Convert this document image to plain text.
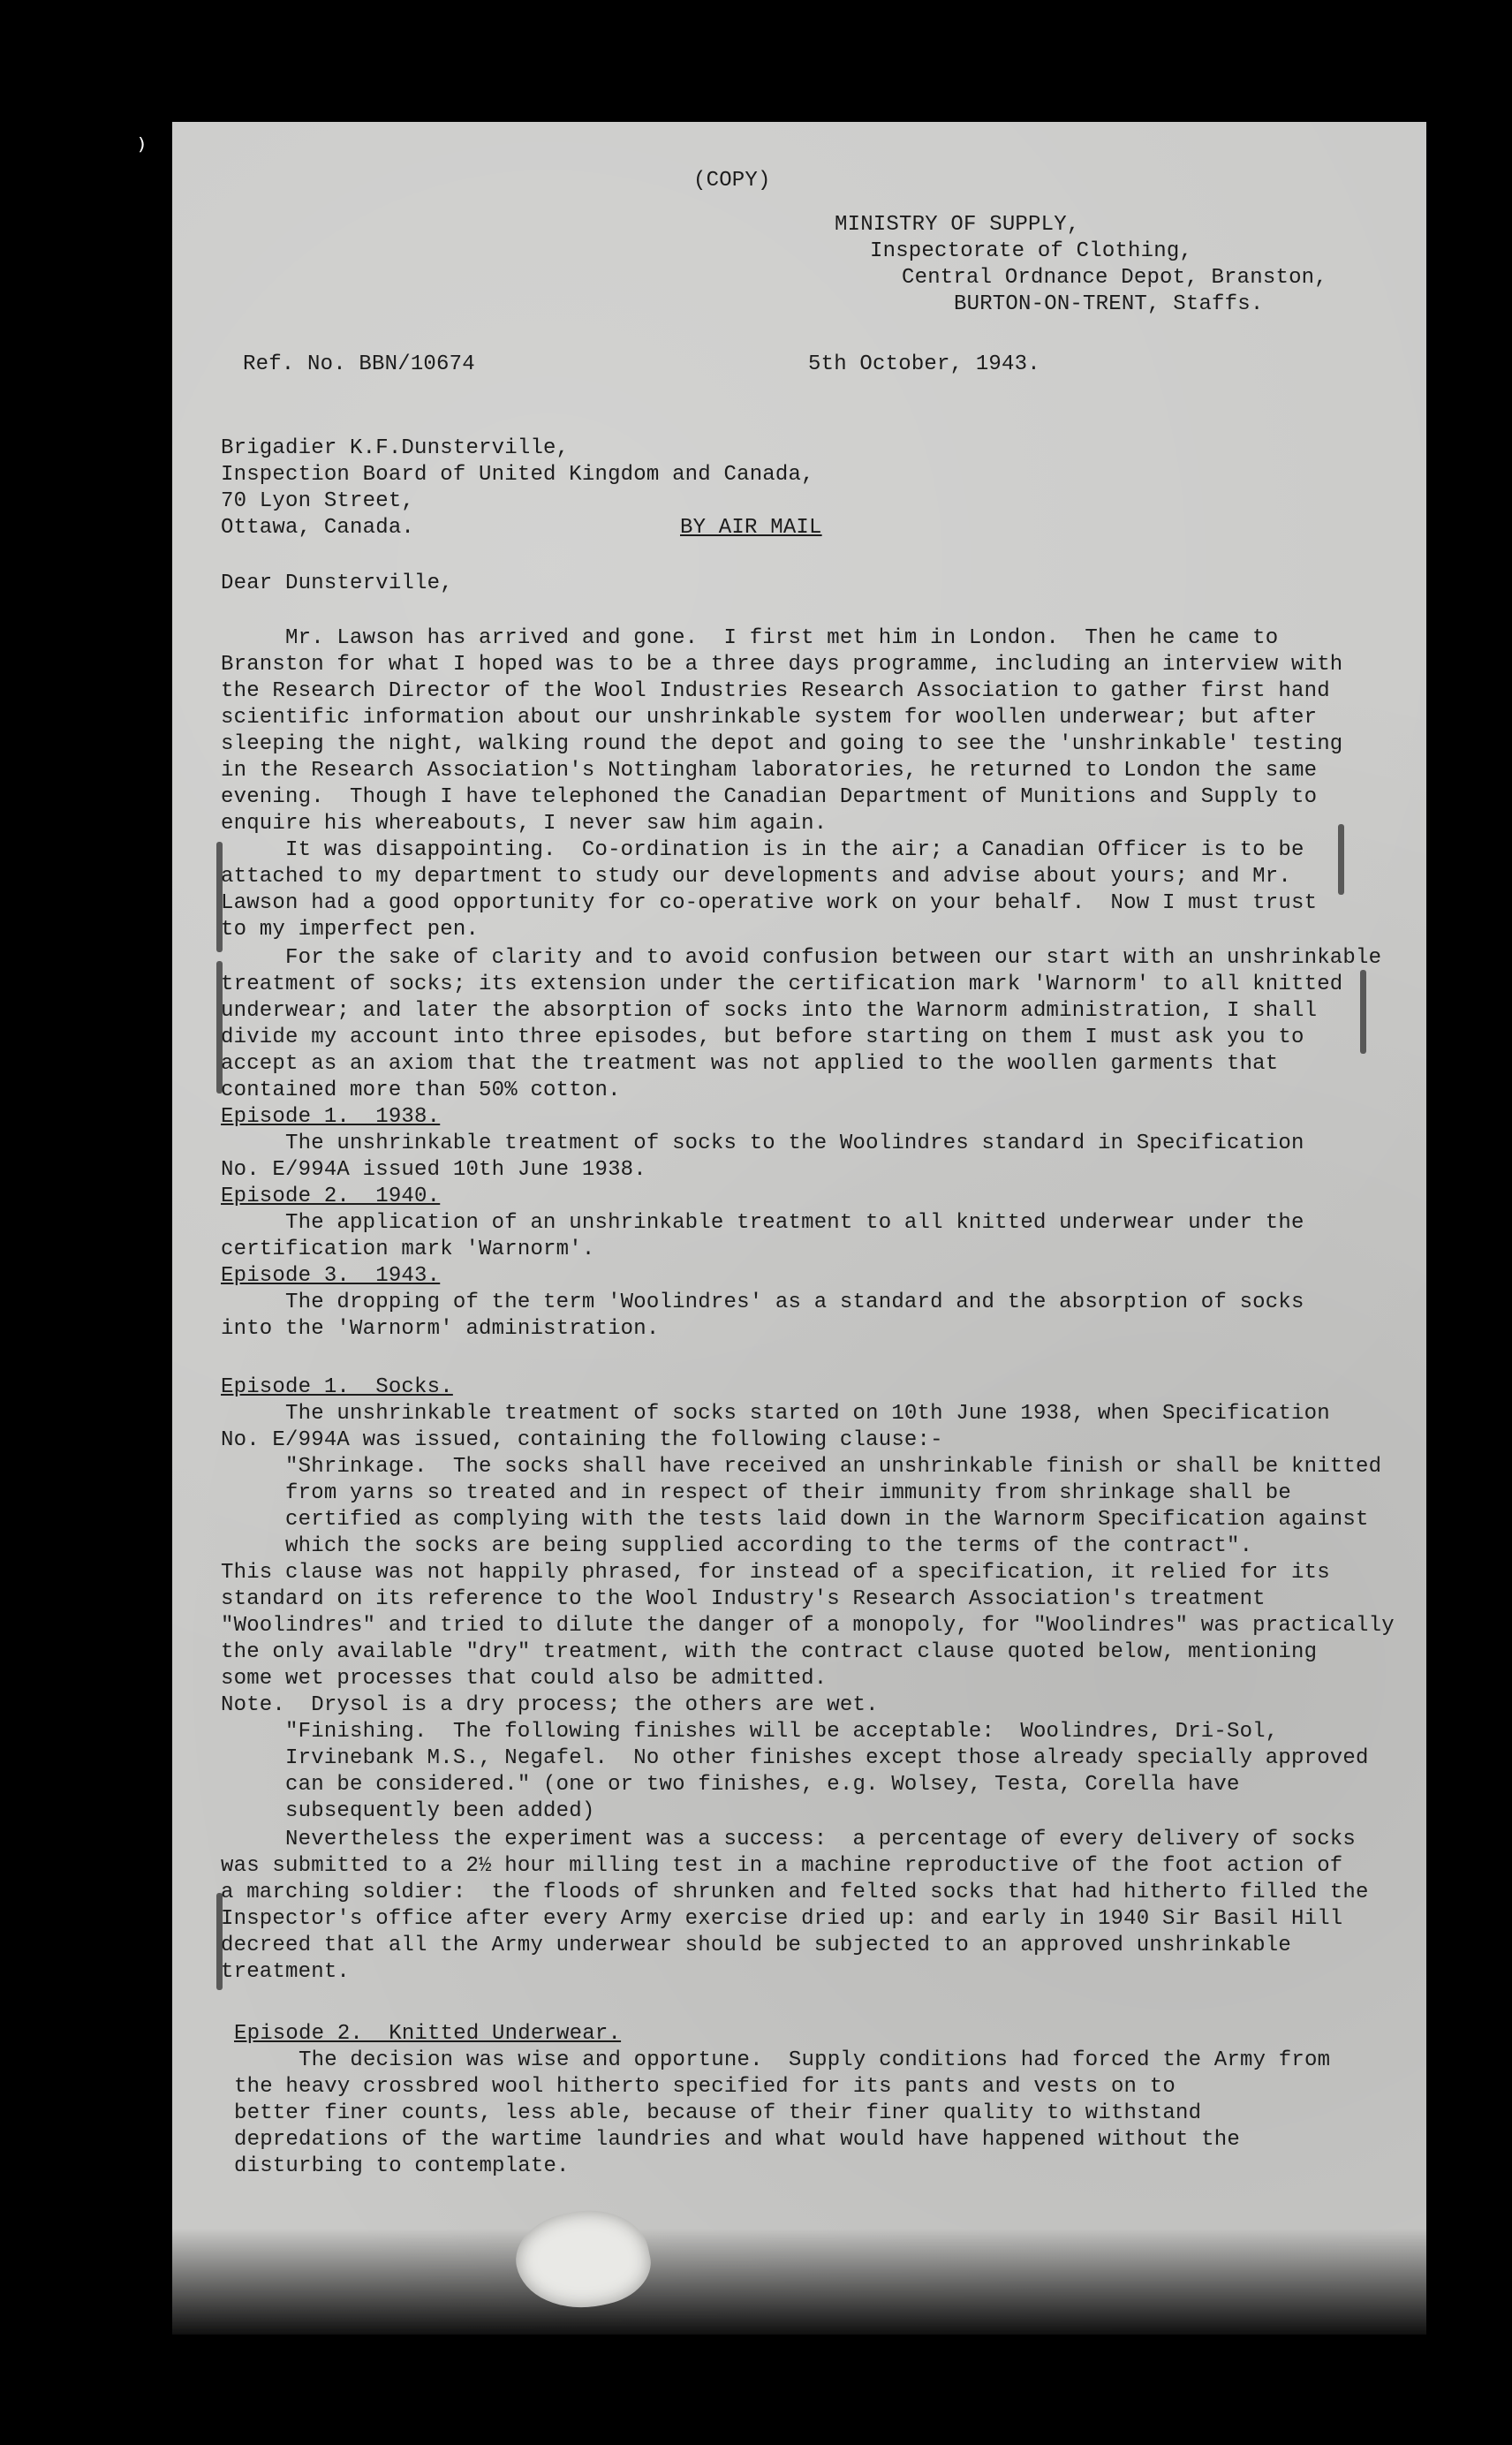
(COPY)
MINISTRY OF SUPPLY,
Inspectorate of Clothing,
Central Ordnance Depot, Branston,
BURTON-ON-TRENT, Staffs.
Ref. No. BBN/10674	5th October, 1943.
Brigadier K.F.Dunsterville,
Inspection Board of United Kingdom and Canada,
70 Lyon Street,
Ottawa, Canada.	BY AIR MAIL
Dear Dunsterville,
⁾
Mr. Lawson has arrived and gone.  I first met him in London.  Then he came to
Branston for what I hoped was to be a three days programme, including an interview with
the Research Director of the Wool Industries Research Association to gather first hand
scientific information about our unshrinkable system for woollen underwear; but after
sleeping the night, walking round the depot and going to see the 'unshrinkable' testing
in the Research Association's Nottingham laboratories, he returned to London the same
evening.  Though I have telephoned the Canadian Department of Munitions and Supply to
enquire his whereabouts, I never saw him again.
It was disappointing.  Co-ordination is in the air; a Canadian Officer is to be
attached to my department to study our developments and advise about yours; and Mr.
Lawson had a good opportunity for co-operative work on your behalf.  Now I must trust
to my imperfect pen.
For the sake of clarity and to avoid confusion between our start with an unshrinkable
treatment of socks; its extension under the certification mark 'Warnorm' to all knitted
underwear; and later the absorption of socks into the Warnorm administration, I shall
divide my account into three episodes, but before starting on them I must ask you to
accept as an axiom that the treatment was not applied to the woollen garments that
contained more than 50% cotton.
Episode 1.  1938.
The unshrinkable treatment of socks to the Woolindres standard in Specification
No. E/994A issued 10th June 1938.
Episode 2.  1940.
The application of an unshrinkable treatment to all knitted underwear under the
certification mark 'Warnorm'.
Episode 3.  1943.
The dropping of the term 'Woolindres' as a standard and the absorption of socks
into the 'Warnorm' administration.
Episode 1.  Socks.
The unshrinkable treatment of socks started on 10th June 1938, when Specification
No. E/994A was issued, containing the following clause:-
"Shrinkage.  The socks shall have received an unshrinkable finish or shall be knitted
from yarns so treated and in respect of their immunity from shrinkage shall be
certified as complying with the tests laid down in the Warnorm Specification against
which the socks are being supplied according to the terms of the contract".
This clause was not happily phrased, for instead of a specification, it relied for its
standard on its reference to the Wool Industry's Research Association's treatment
"Woolindres" and tried to dilute the danger of a monopoly, for "Woolindres" was practically
the only available "dry" treatment, with the contract clause quoted below, mentioning
some wet processes that could also be admitted.
Note.  Drysol is a dry process; the others are wet.
"Finishing.  The following finishes will be acceptable:  Woolindres, Dri-Sol,
Irvinebank M.S., Negafel.  No other finishes except those already specially approved
can be considered." (one or two finishes, e.g. Wolsey, Testa, Corella have
subsequently been added)
Nevertheless the experiment was a success:  a percentage of every delivery of socks
was submitted to a 2½ hour milling test in a machine reproductive of the foot action of
a marching soldier:  the floods of shrunken and felted socks that had hitherto filled the
Inspector's office after every Army exercise dried up: and early in 1940 Sir Basil Hill
decreed that all the Army underwear should be subjected to an approved unshrinkable
treatment.
Episode 2.  Knitted Underwear.
The decision was wise and opportune.  Supply conditions had forced the Army from
the heavy crossbred wool hitherto specified for its pants and vests on to
better finer counts, less able, because of their finer quality to withstand
depredations of the wartime laundries and what would have happened without the
disturbing to contemplate.
